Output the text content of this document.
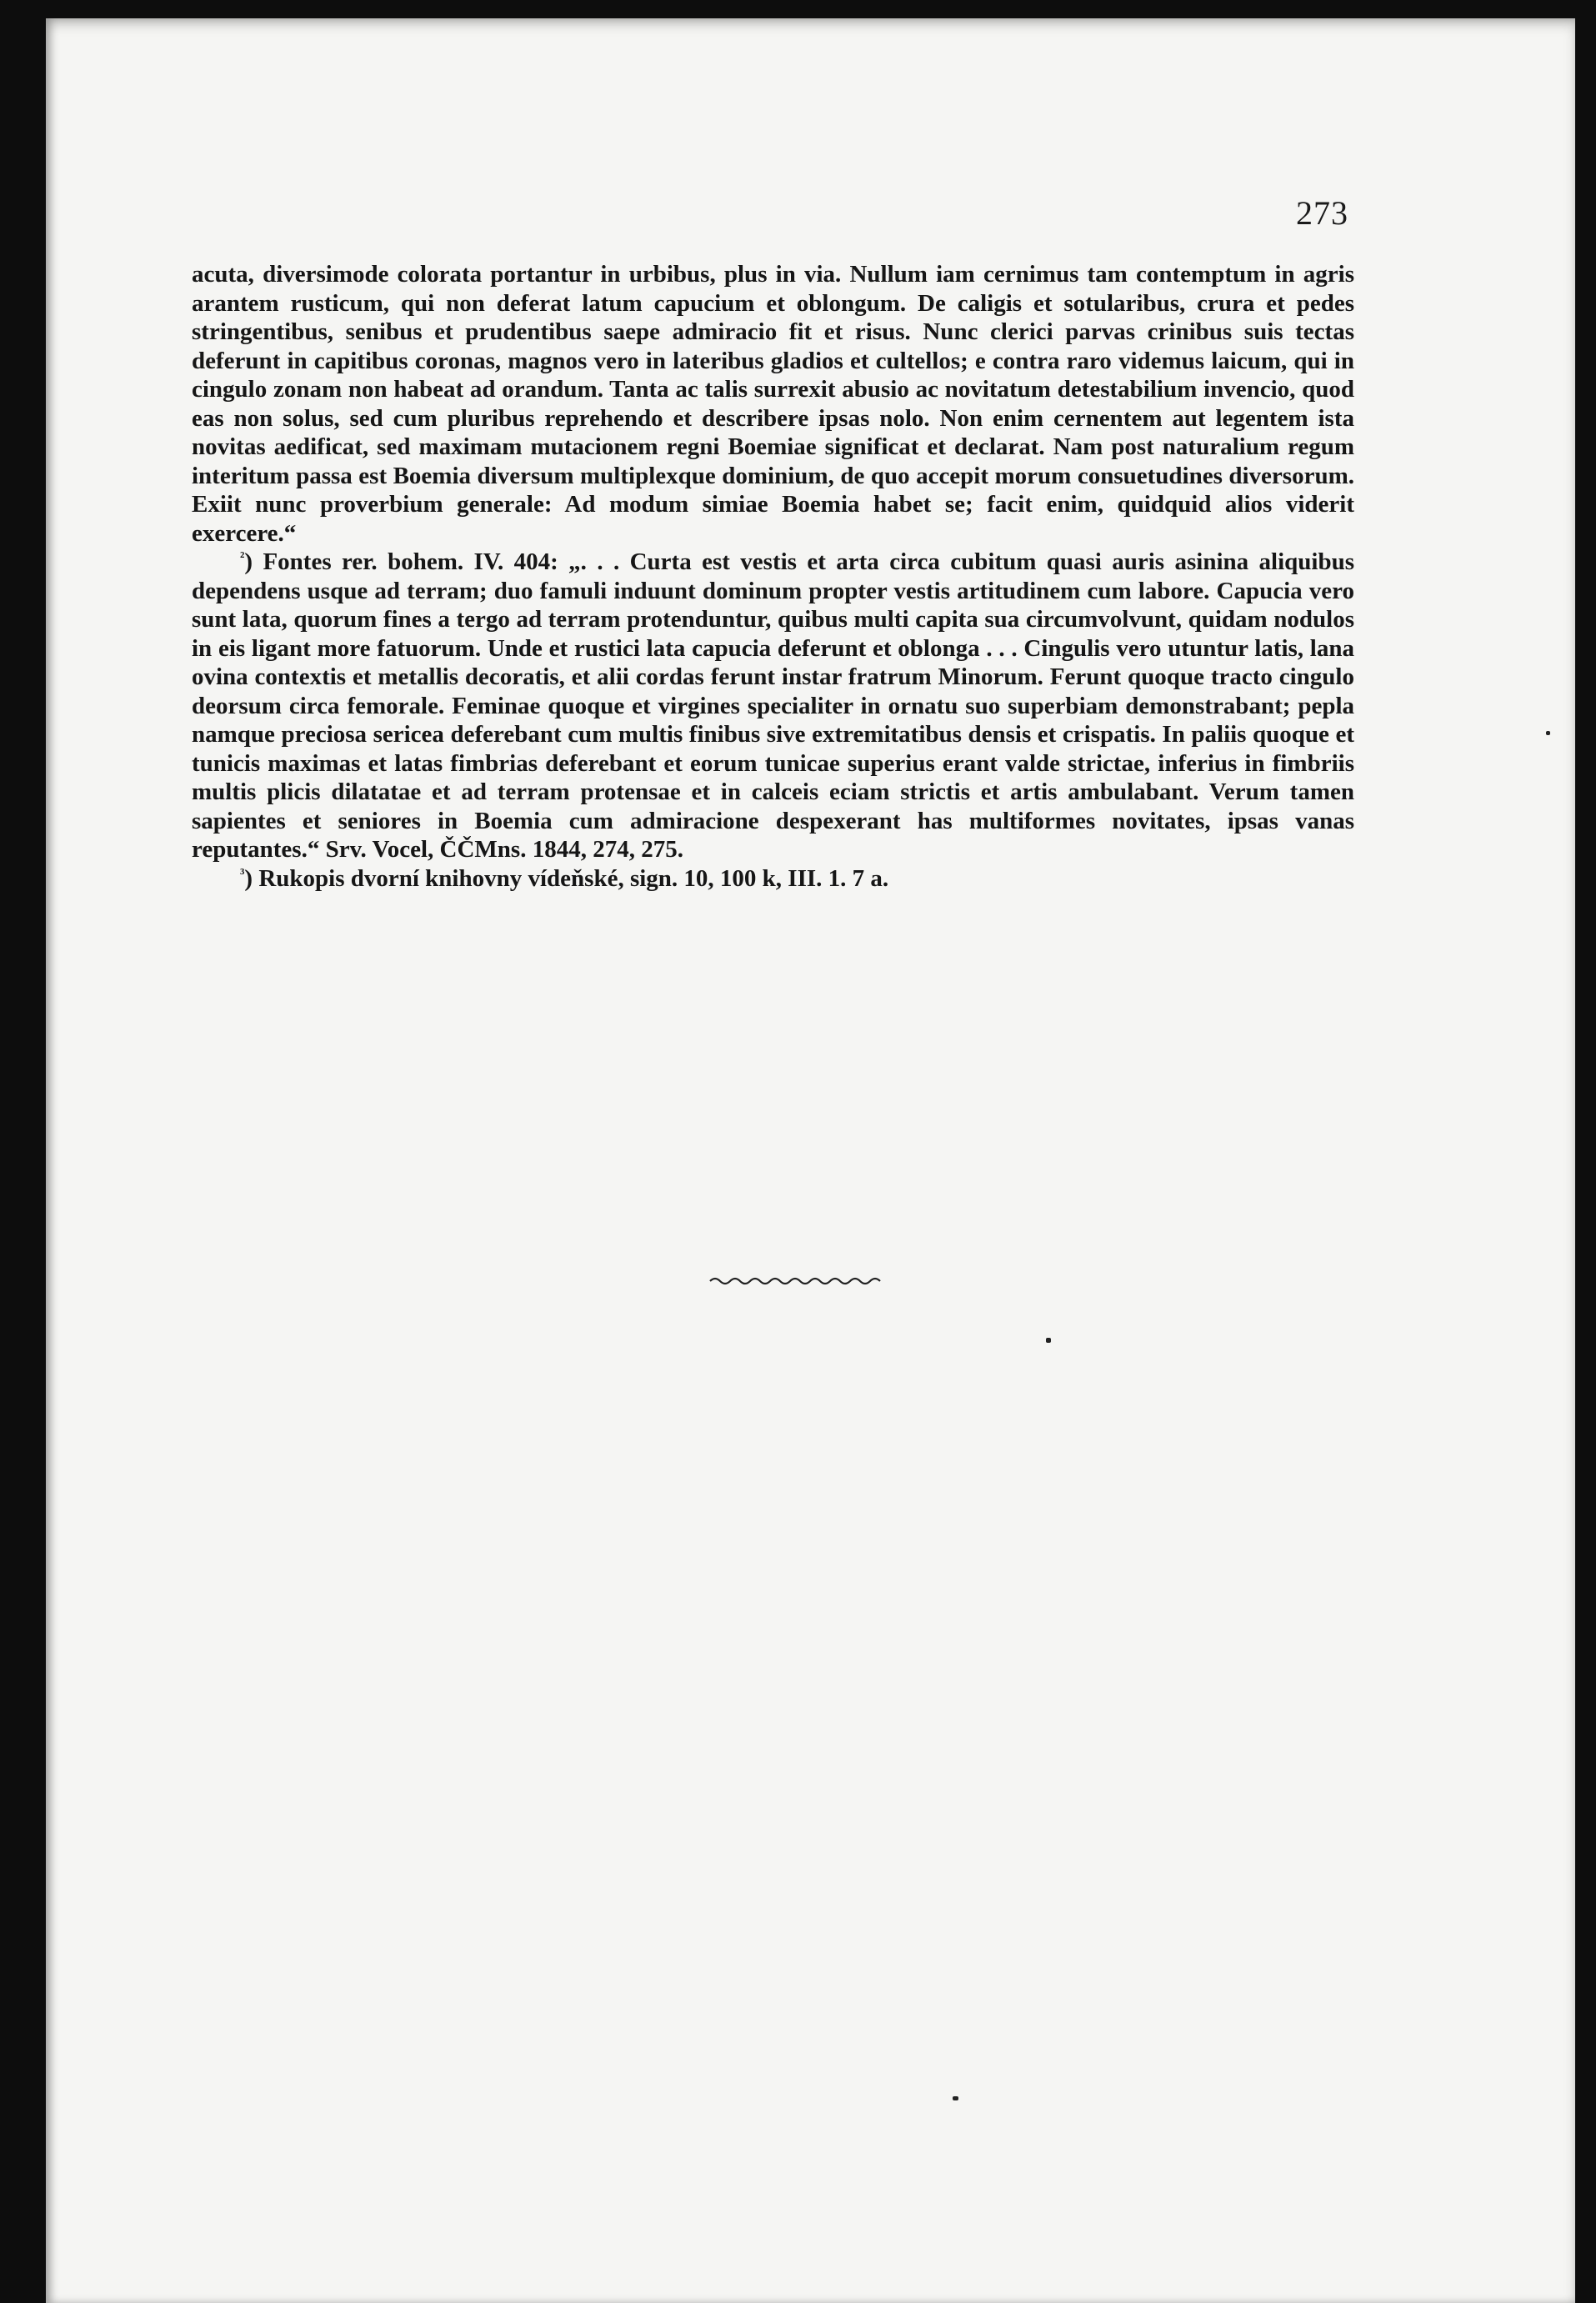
273

acuta, diversimode colorata portantur in urbibus, plus in via. Nullum iam cernimus tam contemptum in agris arantem rusticum, qui non deferat latum capucium et oblongum. De caligis et sotularibus, crura et pedes stringentibus, senibus et prudentibus saepe admiracio fit et risus. Nunc clerici parvas crinibus suis tectas deferunt in capitibus coronas, magnos vero in lateribus gladios et cultellos; e contra raro videmus laicum, qui in cingulo zonam non habeat ad orandum. Tanta ac talis surrexit abusio ac novitatum detestabilium invencio, quod eas non solus, sed cum pluribus reprehendo et describere ipsas nolo. Non enim cernentem aut legentem ista novitas aedificat, sed maximam mutacionem regni Boemiae significat et declarat. Nam post naturalium regum interitum passa est Boemia diversum multiplexque dominium, de quo accepit morum consuetudines diversorum. Exiit nunc proverbium generale: Ad modum simiae Boemia habet se; facit enim, quidquid alios viderit exercere.“

$^{^2}$) Fontes rer. bohem. IV. 404: „. . . Curta est vestis et arta circa cubitum quasi auris asinina aliquibus dependens usque ad terram; duo famuli induunt dominum propter vestis artitudinem cum labore. Capucia vero sunt lata, quorum fines a tergo ad terram protenduntur, quibus multi capita sua circumvolvunt, quidam nodulos in eis ligant more fatuorum. Unde et rustici lata capucia deferunt et oblonga . . . Cingulis vero utuntur latis, lana ovina contextis et metallis decoratis, et alii cordas ferunt instar fratrum Minorum. Ferunt quoque tracto cingulo deorsum circa femorale. Feminae quoque et virgines specialiter in ornatu suo superbiam demonstrabant; pepla namque preciosa sericea deferebant cum multis finibus sive extremitatibus densis et crispatis. In paliis quoque et tunicis maximas et latas fimbrias deferebant et eorum tunicae superius erant valde strictae, inferius in fimbriis multis plicis dilatatae et ad terram protensae et in calceis eciam strictis et artis ambulabant. Verum tamen sapientes et seniores in Boemia cum admiracione despexerant has multiformes novitates, ipsas vanas reputantes.“ Srv. Vocel, ČČMns. 1844, 274, 275.

$^{^3}$) Rukopis dvorní knihovny vídeňské, sign. 10, 100 k, III. 1. 7 a.
